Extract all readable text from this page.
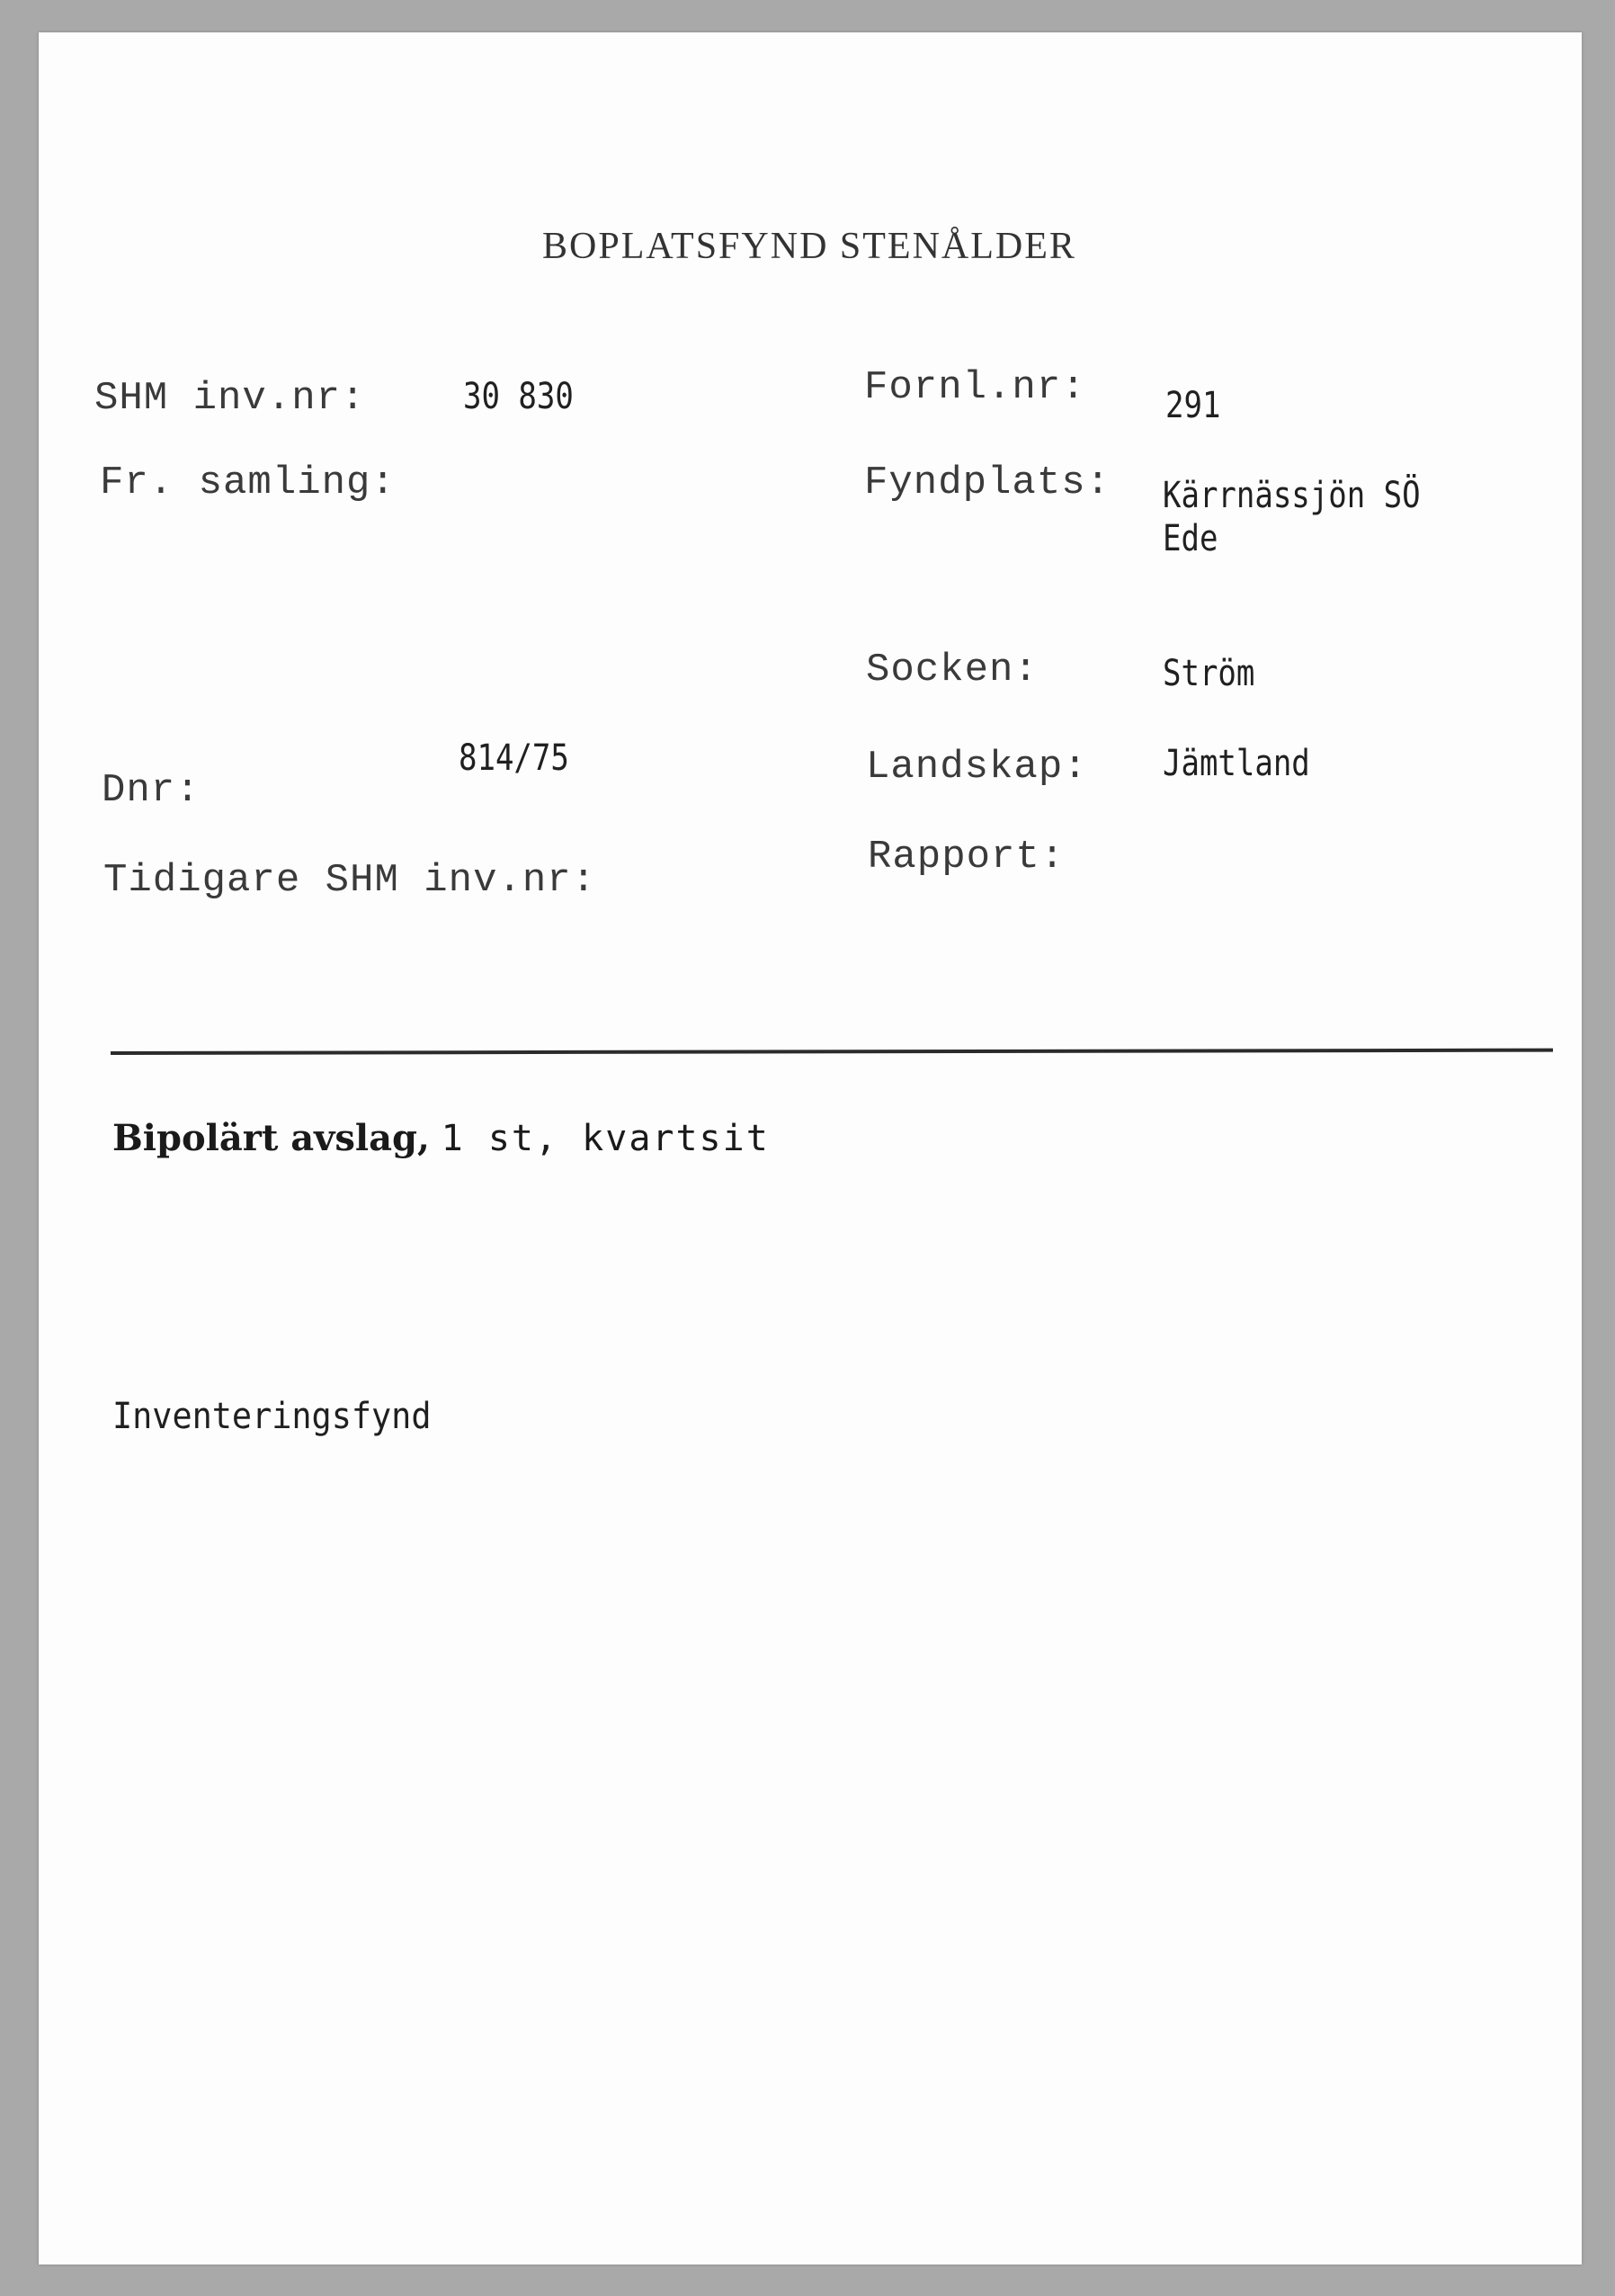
BOPLATSFYND STENÅLDER
SHM inv.nr:	30 830
Fr. samling:
Dnr:
814/75
Tidigare SHM inv.nr:
Fornl.nr: 291
Fyndplats: Kärrnässjön SÖ
Ede
Socken:	Ström
Landskap: Jämtland
Rapport:
Bipolärt avslag, 1 st, kvartsit
Inventeringsfynd
